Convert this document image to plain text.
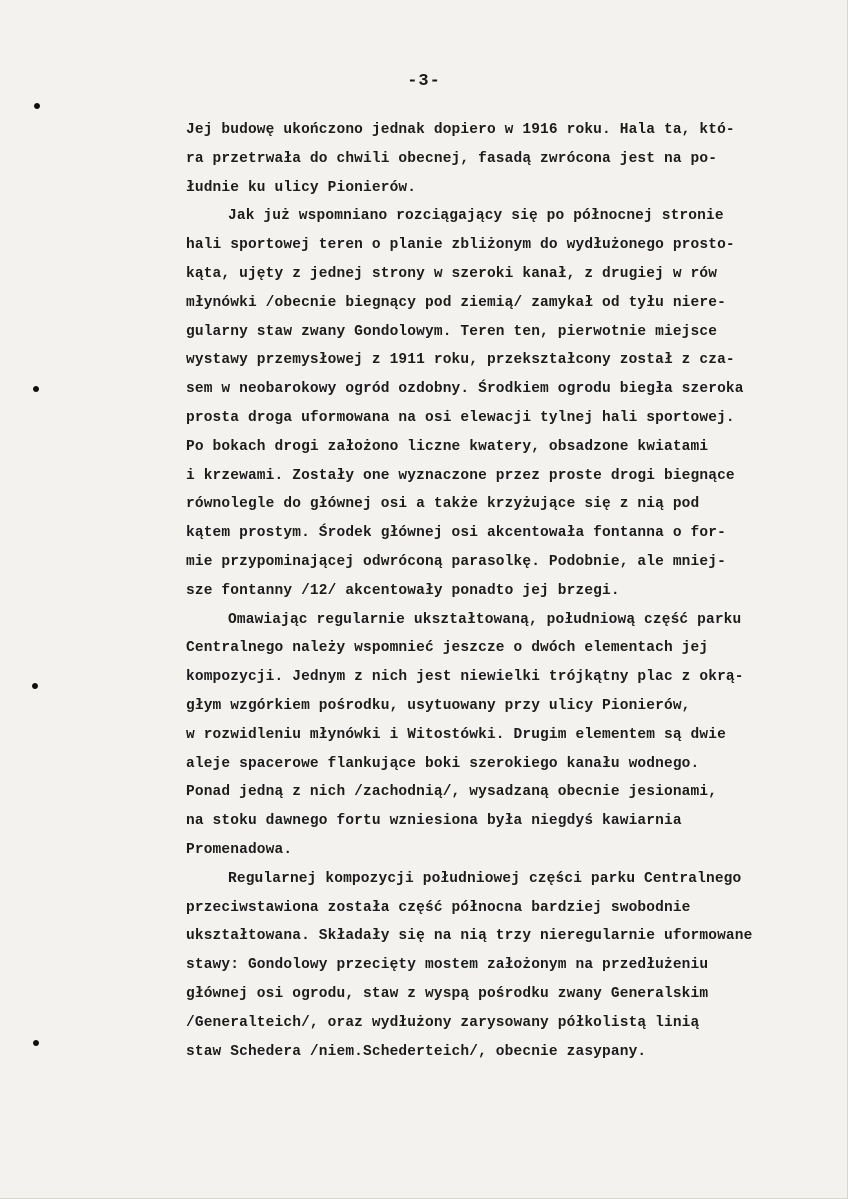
-3-
Jej budowę ukończono jednak dopiero w 1916 roku. Hala ta, któ-
ra przetrwała do chwili obecnej, fasadą zwrócona jest na po-
łudnie ku ulicy Pionierów.
Jak już wspomniano rozciągający się po północnej stronie
hali sportowej teren o planie zbliżonym do wydłużonego prosto-
kąta, ujęty z jednej strony w szeroki kanał, z drugiej w rów
młynówki /obecnie biegnący pod ziemią/ zamykał od tyłu niere-
gularny staw zwany Gondolowym. Teren ten, pierwotnie miejsce
wystawy przemysłowej z 1911 roku, przekształcony został z cza-
sem w neobarokowy ogród ozdobny. Środkiem ogrodu biegła szeroka
prosta droga uformowana na osi elewacji tylnej hali sportowej.
Po bokach drogi założono liczne kwatery, obsadzone kwiatami
i krzewami. Zostały one wyznaczone przez proste drogi biegnące
równolegle do głównej osi a także krzyżujące się z nią pod
kątem prostym. Środek głównej osi akcentowała fontanna o for-
mie przypominającej odwróconą parasolkę. Podobnie, ale mniej-
sze fontanny /12/ akcentowały ponadto jej brzegi.
Omawiając regularnie ukształtowaną, południową część parku
Centralnego należy wspomnieć jeszcze o dwóch elementach jej
kompozycji. Jednym z nich jest niewielki trójkątny plac z okrą-
głym wzgórkiem pośrodku, usytuowany przy ulicy Pionierów,
w rozwidleniu młynówki i Witostówki. Drugim elementem są dwie
aleje spacerowe flankujące boki szerokiego kanału wodnego.
Ponad jedną z nich /zachodnią/, wysadzaną obecnie jesionami,
na stoku dawnego fortu wzniesiona była niegdyś kawiarnia
Promenadowa.
Regularnej kompozycji południowej części parku Centralnego
przeciwstawiona została część północna bardziej swobodnie
ukształtowana. Składały się na nią trzy nieregularnie uformowane
stawy: Gondolowy przecięty mostem założonym na przedłużeniu
głównej osi ogrodu, staw z wyspą pośrodku zwany Generalskim
/Generalteich/, oraz wydłużony zarysowany półkolistą linią
staw Schedera /niem.Schederteich/, obecnie zasypany.
